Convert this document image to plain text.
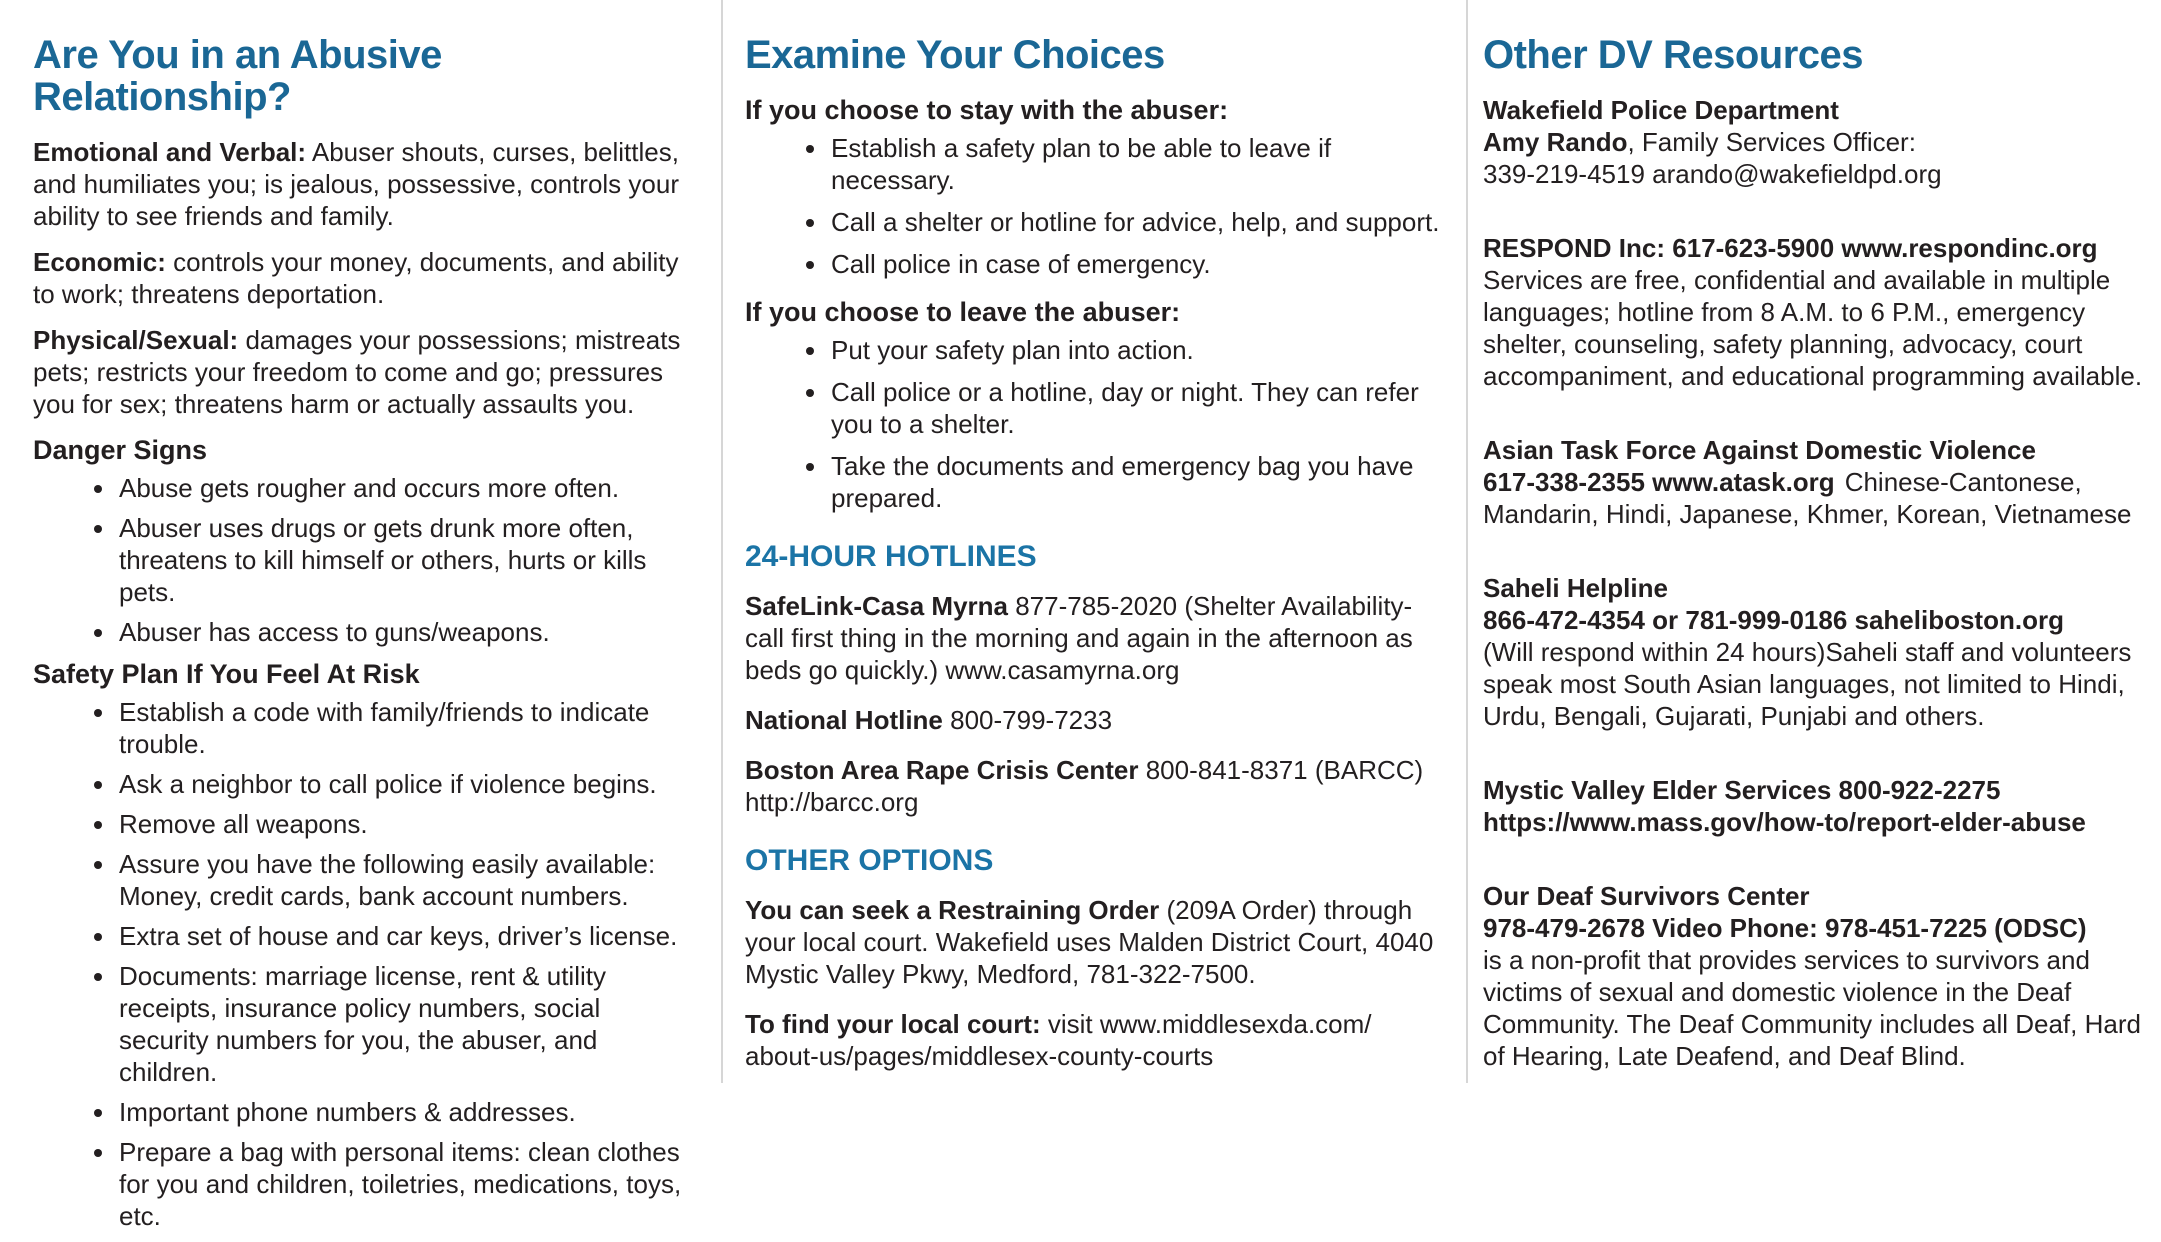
Are You in an Abusive Relationship?

Emotional and Verbal: Abuser shouts, curses, belittles, and humiliates you; is jealous, possessive, controls your ability to see friends and family.

Economic: controls your money, documents, and ability to work; threatens deportation.

Physical/Sexual: damages your possessions; mistreats pets; restricts your freedom to come and go; pressures you for sex; threatens harm or actually assaults you.

Danger Signs
• Abuse gets rougher and occurs more often.
• Abuser uses drugs or gets drunk more often, threatens to kill himself or others, hurts or kills pets.
• Abuser has access to guns/weapons.
Safety Plan If You Feel At Risk
• Establish a code with family/friends to indicate trouble.
• Ask a neighbor to call police if violence begins.
• Remove all weapons.
• Assure you have the following easily available: Money, credit cards, bank account numbers.
• Extra set of house and car keys, driver’s license.
• Documents: marriage license, rent & utility receipts, insurance policy numbers, social security numbers for you, the abuser, and children.
• Important phone numbers & addresses.
• Prepare a bag with personal items: clean clothes for you and children, toiletries, medications, toys, etc.
Examine Your Choices
If you choose to stay with the abuser:
• Establish a safety plan to be able to leave if necessary.
• Call a shelter or hotline for advice, help, and support.
• Call police in case of emergency.
If you choose to leave the abuser:
• Put your safety plan into action.
• Call police or a hotline, day or night. They can refer you to a shelter.
• Take the documents and emergency bag you have prepared.
24-HOUR HOTLINES

SafeLink-Casa Myrna 877-785-2020 (Shelter Availability-call first thing in the morning and again in the afternoon as beds go quickly.) www.casamyrna.org

National Hotline 800-799-7233

Boston Area Rape Crisis Center 800-841-8371 (BARCC) http://barcc.org

OTHER OPTIONS

You can seek a Restraining Order (209A Order) through your local court. Wakefield uses Malden District Court, 4040 Mystic Valley Pkwy, Medford, 781-322-7500.

To find your local court: visit www.middlesexda.com/
about-us/pages/middlesex-county-courts

Other DV Resources
Wakefield Police Department
Amy Rando, Family Services Officer:
339-219-4519 arando@wakefieldpd.org
RESPOND Inc: 617-623-5900 www.respondinc.org

Services are free, confidential and available in multiple languages; hotline from 8 A.M. to 6 P.M., emergency shelter, counseling, safety planning, advocacy, court accompaniment, and educational programming available.

Asian Task Force Against Domestic Violence

617-338-2355 www.atask.org Chinese-Cantonese, Mandarin, Hindi, Japanese, Khmer, Korean, Vietnamese

Saheli Helpline
866-472-4354 or 781-999-0186 saheliboston.org

(Will respond within 24 hours)Saheli staff and volunteers speak most South Asian languages, not limited to Hindi, Urdu, Bengali, Gujarati, Punjabi and others.

Mystic Valley Elder Services 800-922-2275
https://www.mass.gov/how-to/report-elder-abuse
Our Deaf Survivors Center
978-479-2678 Video Phone: 978-451-7225 (ODSC)

is a non-profit that provides services to survivors and victims of sexual and domestic violence in the Deaf Community. The Deaf Community includes all Deaf, Hard of Hearing, Late Deafend, and Deaf Blind.
